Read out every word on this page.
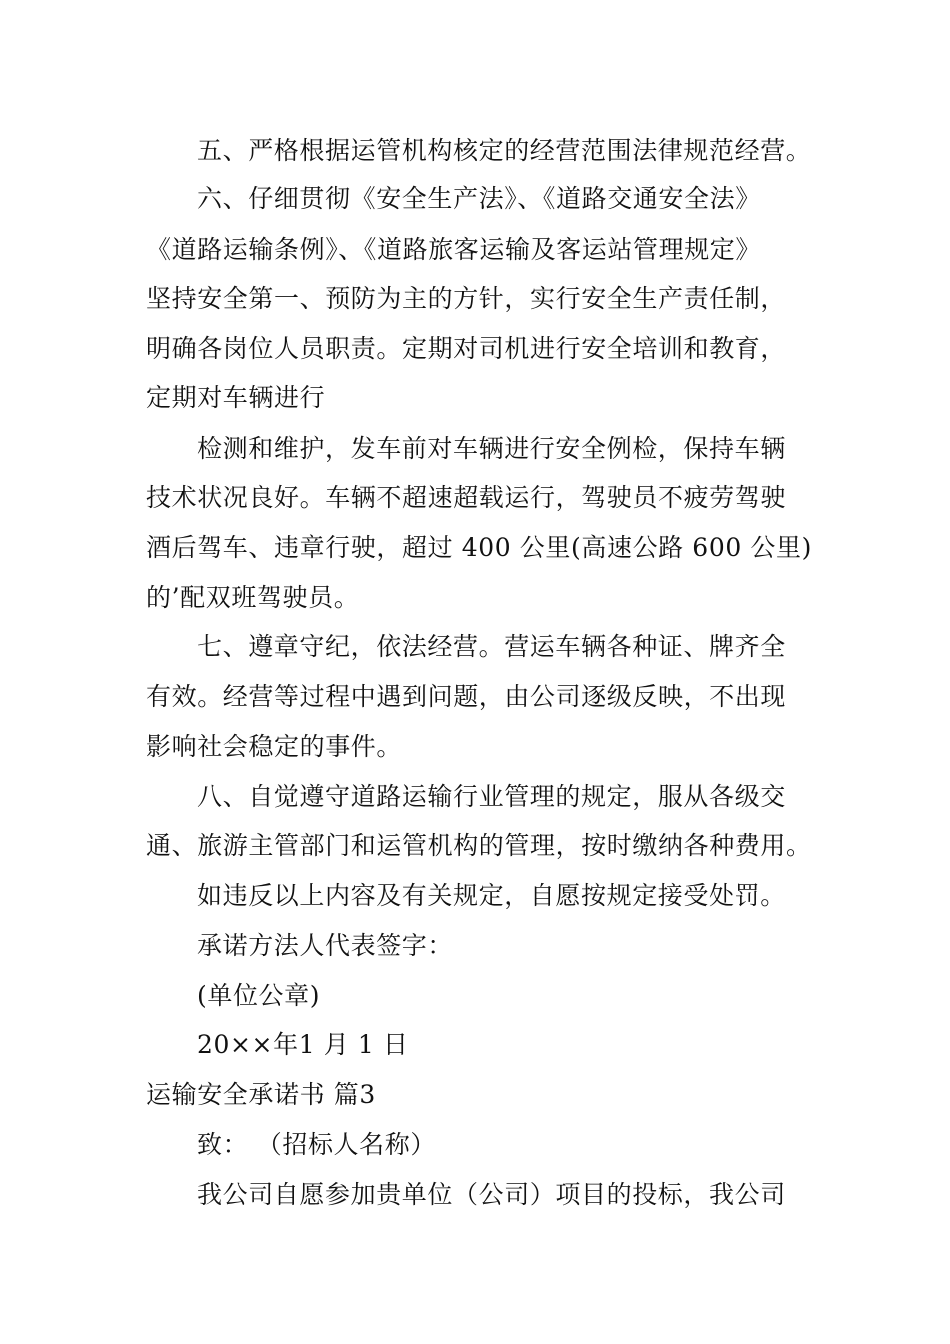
五、严格根据运管机构核定的经营范围法律规范经营。
六、仔细贯彻《安全生产法》、《道路交通安全法》
《道路运输条例》、《道路旅客运输及客运站管理规定》
坚持安全第一、预防为主的方针，实行安全生产责任制，
明确各岗位人员职责。定期对司机进行安全培训和教育，
定期对车辆进行
检测和维护，发车前对车辆进行安全例检，保持车辆
技术状况良好。车辆不超速超载运行，驾驶员不疲劳驾驶
酒后驾车、违章行驶，超过 400 公里(高速公路 600 公里)
的’配双班驾驶员。
七、遵章守纪，依法经营。营运车辆各种证、牌齐全
有效。经营等过程中遇到问题，由公司逐级反映，不出现
影响社会稳定的事件。
八、自觉遵守道路运输行业管理的规定，服从各级交
通、旅游主管部门和运管机构的管理，按时缴纳各种费用。
如违反以上内容及有关规定，自愿按规定接受处罚。
承诺方法人代表签字：
(单位公章)
20××年1 月 1 日
运输安全承诺书 篇3
致： （招标人名称）
我公司自愿参加贵单位（公司）项目的投标，我公司
